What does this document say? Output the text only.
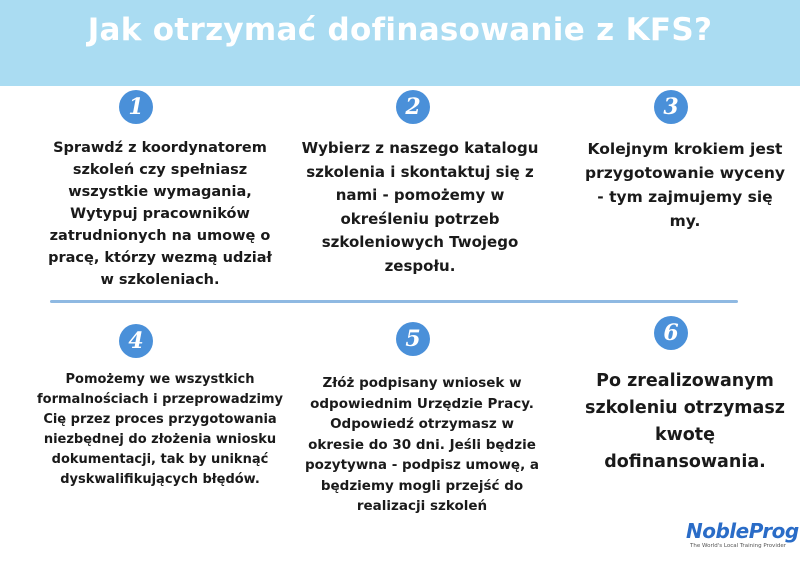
Jak otrzymać dofinasowanie z KFS?
1
Sprawdź z koordynatorem szkoleń czy spełniasz wszystkie wymagania, Wytypuj pracowników zatrudnionych na umowę o pracę, którzy wezmą udział w szkoleniach.
2
Wybierz z naszego katalogu szkolenia i skontaktuj się z nami - pomożemy w określeniu potrzeb szkoleniowych Twojego zespołu.
3
Kolejnym krokiem jest przygotowanie wyceny - tym zajmujemy się my.
4
Pomożemy we wszystkich formalnościach i przeprowadzimy Cię przez proces przygotowania niezbędnej do złożenia wniosku dokumentacji, tak by uniknąć dyskwalifikujących błędów.
5
Złóż podpisany wniosek w odpowiednim Urzędzie Pracy. Odpowiedź otrzymasz w okresie do 30 dni. Jeśli będzie pozytywna - podpisz umowę, a będziemy mogli przejść do realizacji szkoleń
6
Po zrealizowanym szkoleniu otrzymasz kwotę dofinansowania.
NobleProg
The World's Local Training Provider
